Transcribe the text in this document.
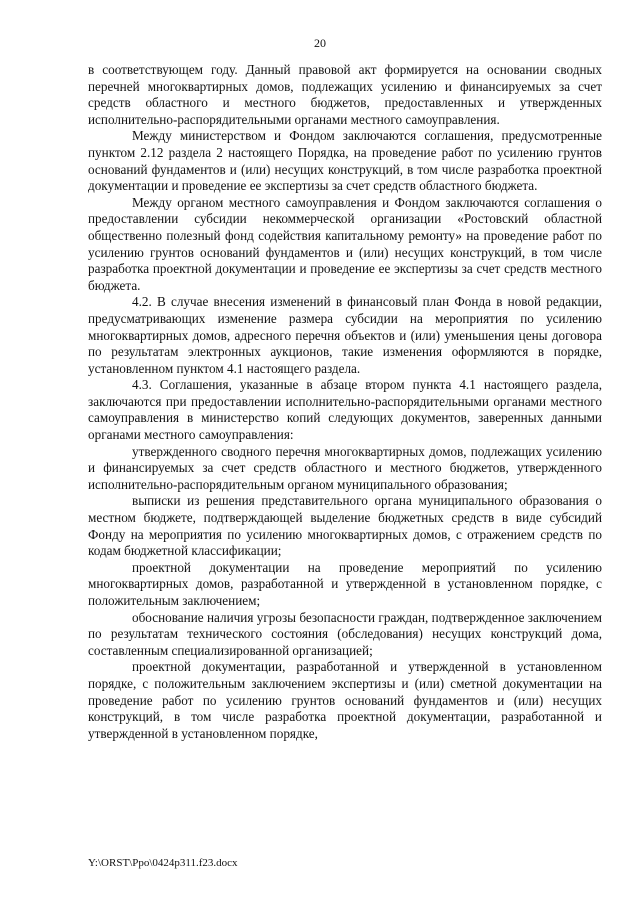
20

в соответствующем году. Данный правовой акт формируется на основании сводных перечней многоквартирных домов, подлежащих усилению и финансируемых за счет средств областного и местного бюджетов, предоставленных и утвержденных исполнительно-распорядительными органами местного самоуправления.

Между министерством и Фондом заключаются соглашения, предусмотренные пунктом 2.12 раздела 2 настоящего Порядка, на проведение работ по усилению грунтов оснований фундаментов и (или) несущих конструкций, в том числе разработка проектной документации и проведение ее экспертизы за счет средств областного бюджета.

Между органом местного самоуправления и Фондом заключаются соглашения о предоставлении субсидии некоммерческой организации «Ростовский областной общественно полезный фонд содействия капитальному ремонту» на проведение работ по усилению грунтов оснований фундаментов и (или) несущих конструкций, в том числе разработка проектной документации и проведение ее экспертизы за счет средств местного бюджета.

4.2. В случае внесения изменений в финансовый план Фонда в новой редакции, предусматривающих изменение размера субсидии на мероприятия по усилению многоквартирных домов, адресного перечня объектов и (или) уменьшения цены договора по результатам электронных аукционов, такие изменения оформляются в порядке, установленном пунктом 4.1 настоящего раздела.

4.3. Соглашения, указанные в абзаце втором пункта 4.1 настоящего раздела, заключаются при предоставлении исполнительно-распорядительными органами местного самоуправления в министерство копий следующих документов, заверенных данными органами местного самоуправления:

утвержденного сводного перечня многоквартирных домов, подлежащих усилению и финансируемых за счет средств областного и местного бюджетов, утвержденного исполнительно-распорядительным органом муниципального образования;

выписки из решения представительного органа муниципального образования о местном бюджете, подтверждающей выделение бюджетных средств в виде субсидий Фонду на мероприятия по усилению многоквартирных домов, с отражением средств по кодам бюджетной классификации;

проектной документации на проведение мероприятий по усилению многоквартирных домов, разработанной и утвержденной в установленном порядке, с положительным заключением;

обоснование наличия угрозы безопасности граждан, подтвержденное заключением по результатам технического состояния (обследования) несущих конструкций дома, составленным специализированной организацией;

проектной документации, разработанной и утвержденной в установленном порядке, с положительным заключением экспертизы и (или) сметной документации на проведение работ по усилению грунтов оснований фундаментов и (или) несущих конструкций, в том числе разработка проектной документации, разработанной и утвержденной в установленном порядке,

Y:\ORST\Ppo\0424p311.f23.docx
